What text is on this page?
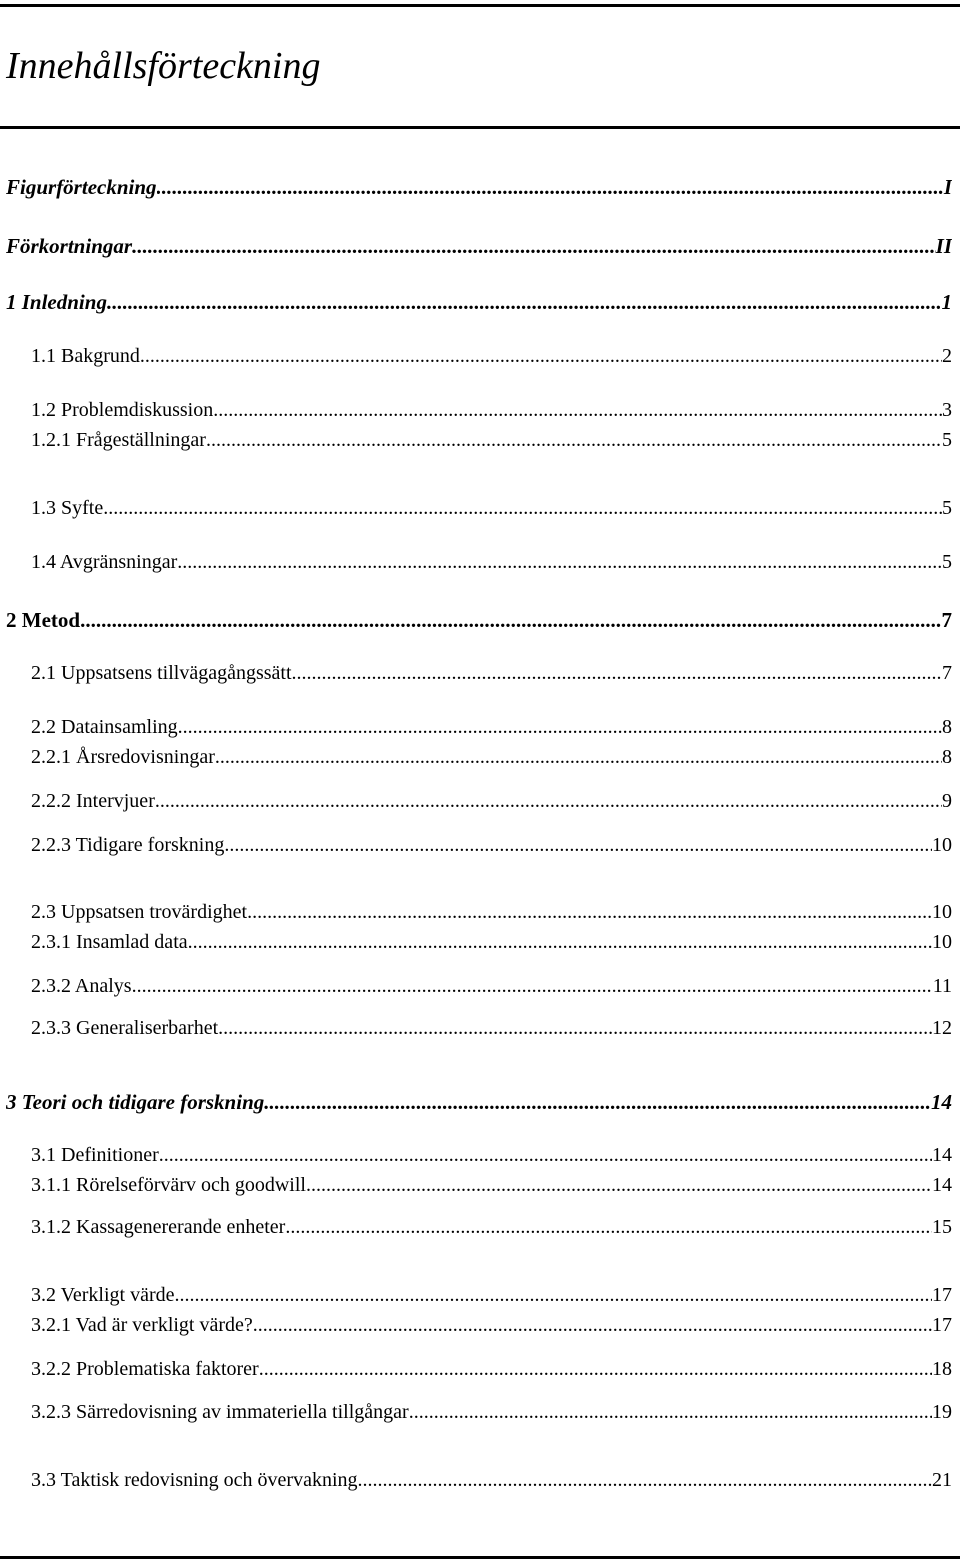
Innehållsförteckning
Figurförteckning .....	I
Förkortningar .....	II
1 Inledning .....	1
1.1 Bakgrund .....	2
1.2 Problemdiskussion .....	3
1.2.1 Frågeställningar .....	5
1.3 Syfte .....	5
1.4 Avgränsningar .....	5
2 Metod .....	7
2.1 Uppsatsens tillvägagångssätt .....	7
2.2 Datainsamling .....	8
2.2.1 Årsredovisningar .....	8
2.2.2 Intervjuer .....	9
2.2.3 Tidigare forskning .....	10
2.3 Uppsatsen trovärdighet .....	10
2.3.1 Insamlad data .....	10
2.3.2 Analys .....	11
2.3.3 Generaliserbarhet .....	12
3 Teori och tidigare forskning .....	14
3.1 Definitioner .....	14
3.1.1 Rörelseförvärv och goodwill .....	14
3.1.2 Kassagenererande enheter .....	15
3.2 Verkligt värde .....	17
3.2.1 Vad är verkligt värde? .....	17
3.2.2 Problematiska faktorer .....	18
3.2.3 Särredovisning av immateriella tillgångar .....	19
3.3 Taktisk redovisning och övervakning .....	21
